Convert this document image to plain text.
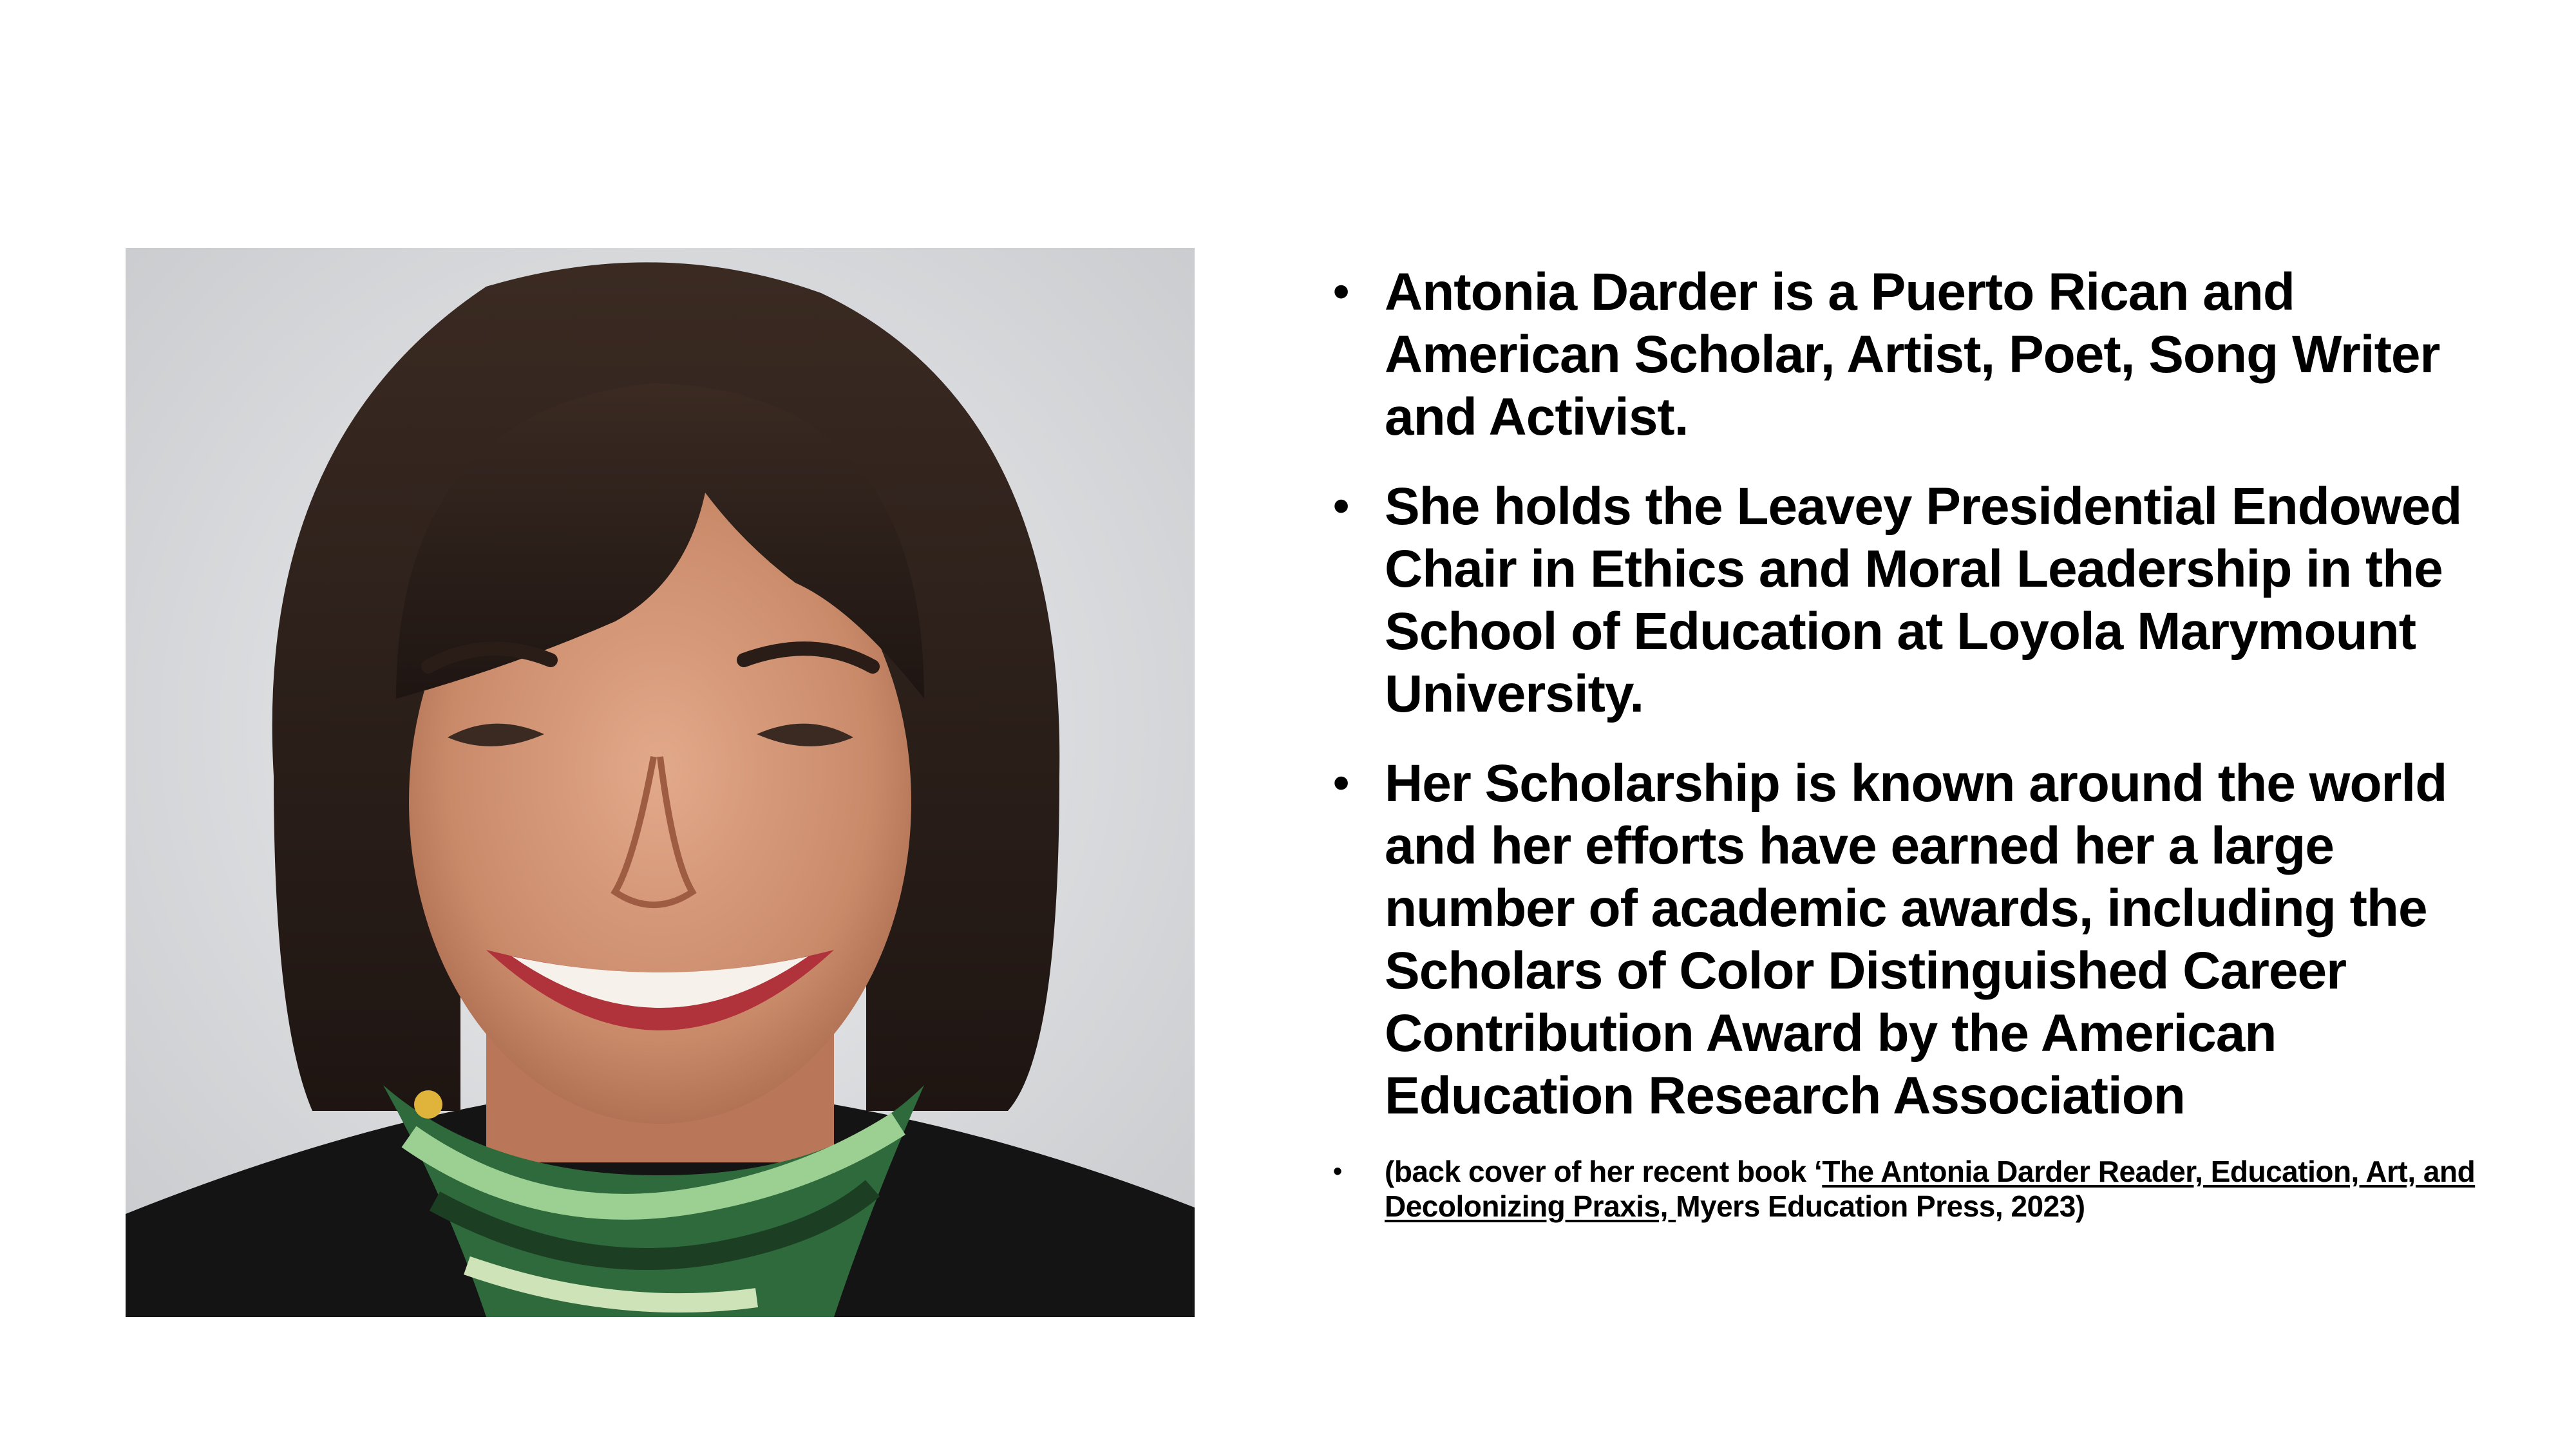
• Antonia Darder is a Puerto Rican and American Scholar, Artist, Poet, Song Writer and Activist.
• She holds the Leavey Presidential Endowed Chair in Ethics and Moral Leadership in the School of Education at Loyola Marymount University.
• Her Scholarship is known around the world and her efforts have earned her a large number of academic awards, including the Scholars of Color Distinguished Career Contribution Award by the American Education Research Association
• (back cover of her recent book ‘The Antonia Darder Reader, Education, Art, and Decolonizing Praxis, Myers Education Press, 2023)
